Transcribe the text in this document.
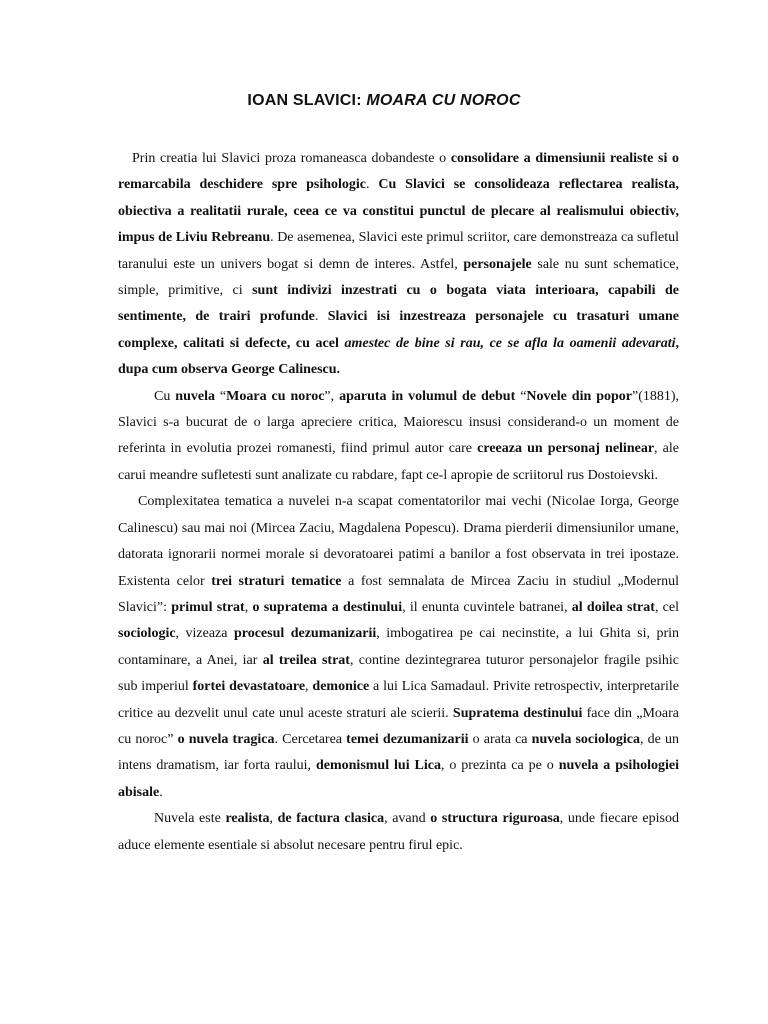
IOAN SLAVICI: MOARA CU NOROC

Prin creatia lui Slavici proza romaneasca dobandeste o consolidare a dimensiunii realiste si o remarcabila deschidere spre psihologic. Cu Slavici se consolideaza reflectarea realista, obiectiva a realitatii rurale, ceea ce va constitui punctul de plecare al realismului obiectiv, impus de Liviu Rebreanu. De asemenea, Slavici este primul scriitor, care demonstreaza ca sufletul taranului este un univers bogat si demn de interes. Astfel, personajele sale nu sunt schematice, simple, primitive, ci sunt indivizi inzestrati cu o bogata viata interioara, capabili de sentimente, de trairi profunde. Slavici isi inzestreaza personajele cu trasaturi umane complexe, calitati si defecte, cu acel amestec de bine si rau, ce se afla la oamenii adevarati, dupa cum observa George Calinescu.

Cu nuvela “Moara cu noroc”, aparuta in volumul de debut “Novele din popor”(1881), Slavici s-a bucurat de o larga apreciere critica, Maiorescu insusi considerand-o un moment de referinta in evolutia prozei romanesti, fiind primul autor care creeaza un personaj nelinear, ale carui meandre sufletesti sunt analizate cu rabdare, fapt ce-l apropie de scriitorul rus Dostoievski.

Complexitatea tematica a nuvelei n-a scapat comentatorilor mai vechi (Nicolae Iorga, George Calinescu) sau mai noi (Mircea Zaciu, Magdalena Popescu). Drama pierderii dimensiunilor umane, datorata ignorarii normei morale si devoratoarei patimi a banilor a fost observata in trei ipostaze. Existenta celor trei straturi tematice a fost semnalata de Mircea Zaciu in studiul „Modernul Slavici”: primul strat, o supratema a destinului, il enunta cuvintele batranei, al doilea strat, cel sociologic, vizeaza procesul dezumanizarii, imbogatirea pe cai necinstite, a lui Ghita si, prin contaminare, a Anei, iar al treilea strat, contine dezintegrarea tuturor personajelor fragile psihic sub imperiul fortei devastatoare, demonice a lui Lica Samadaul. Privite retrospectiv, interpretarile critice au dezvelit unul cate unul aceste straturi ale scierii. Supratema destinului face din „Moara cu noroc” o nuvela tragica. Cercetarea temei dezumanizarii o arata ca nuvela sociologica, de un intens dramatism, iar forta raului, demonismul lui Lica, o prezinta ca pe o nuvela a psihologiei abisale.

Nuvela este realista, de factura clasica, avand o structura riguroasa, unde fiecare episod aduce elemente esentiale si absolut necesare pentru firul epic.
